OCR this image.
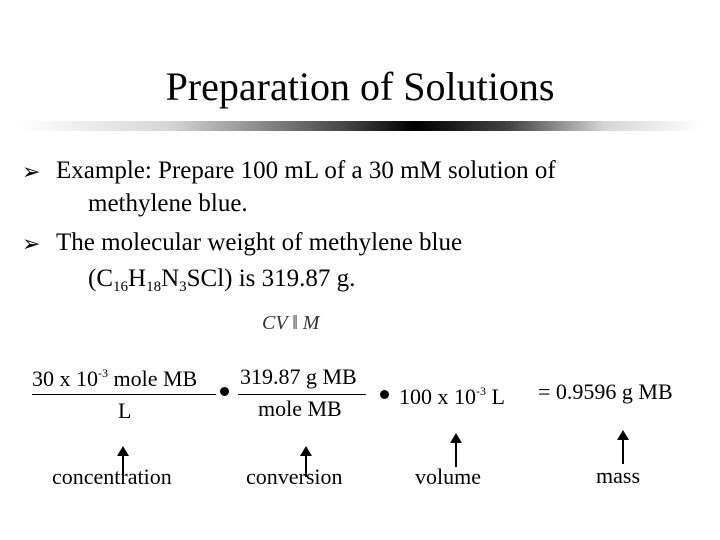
Preparation of Solutions
➢ Example: Prepare 100 mL of a 30 mM solution of
methylene blue.
➢ The molecular weight of methylene blue
$(C_{16}H_{18}N_3SCl)$ is 319.87 g.
CV ‖ M
30 x $10^{-3}$ mole MB
L
319.87 g MB
mole MB	100 x $10^{-3}$ L = 0.9596 g MB
concentration	conversion	volume	mass
